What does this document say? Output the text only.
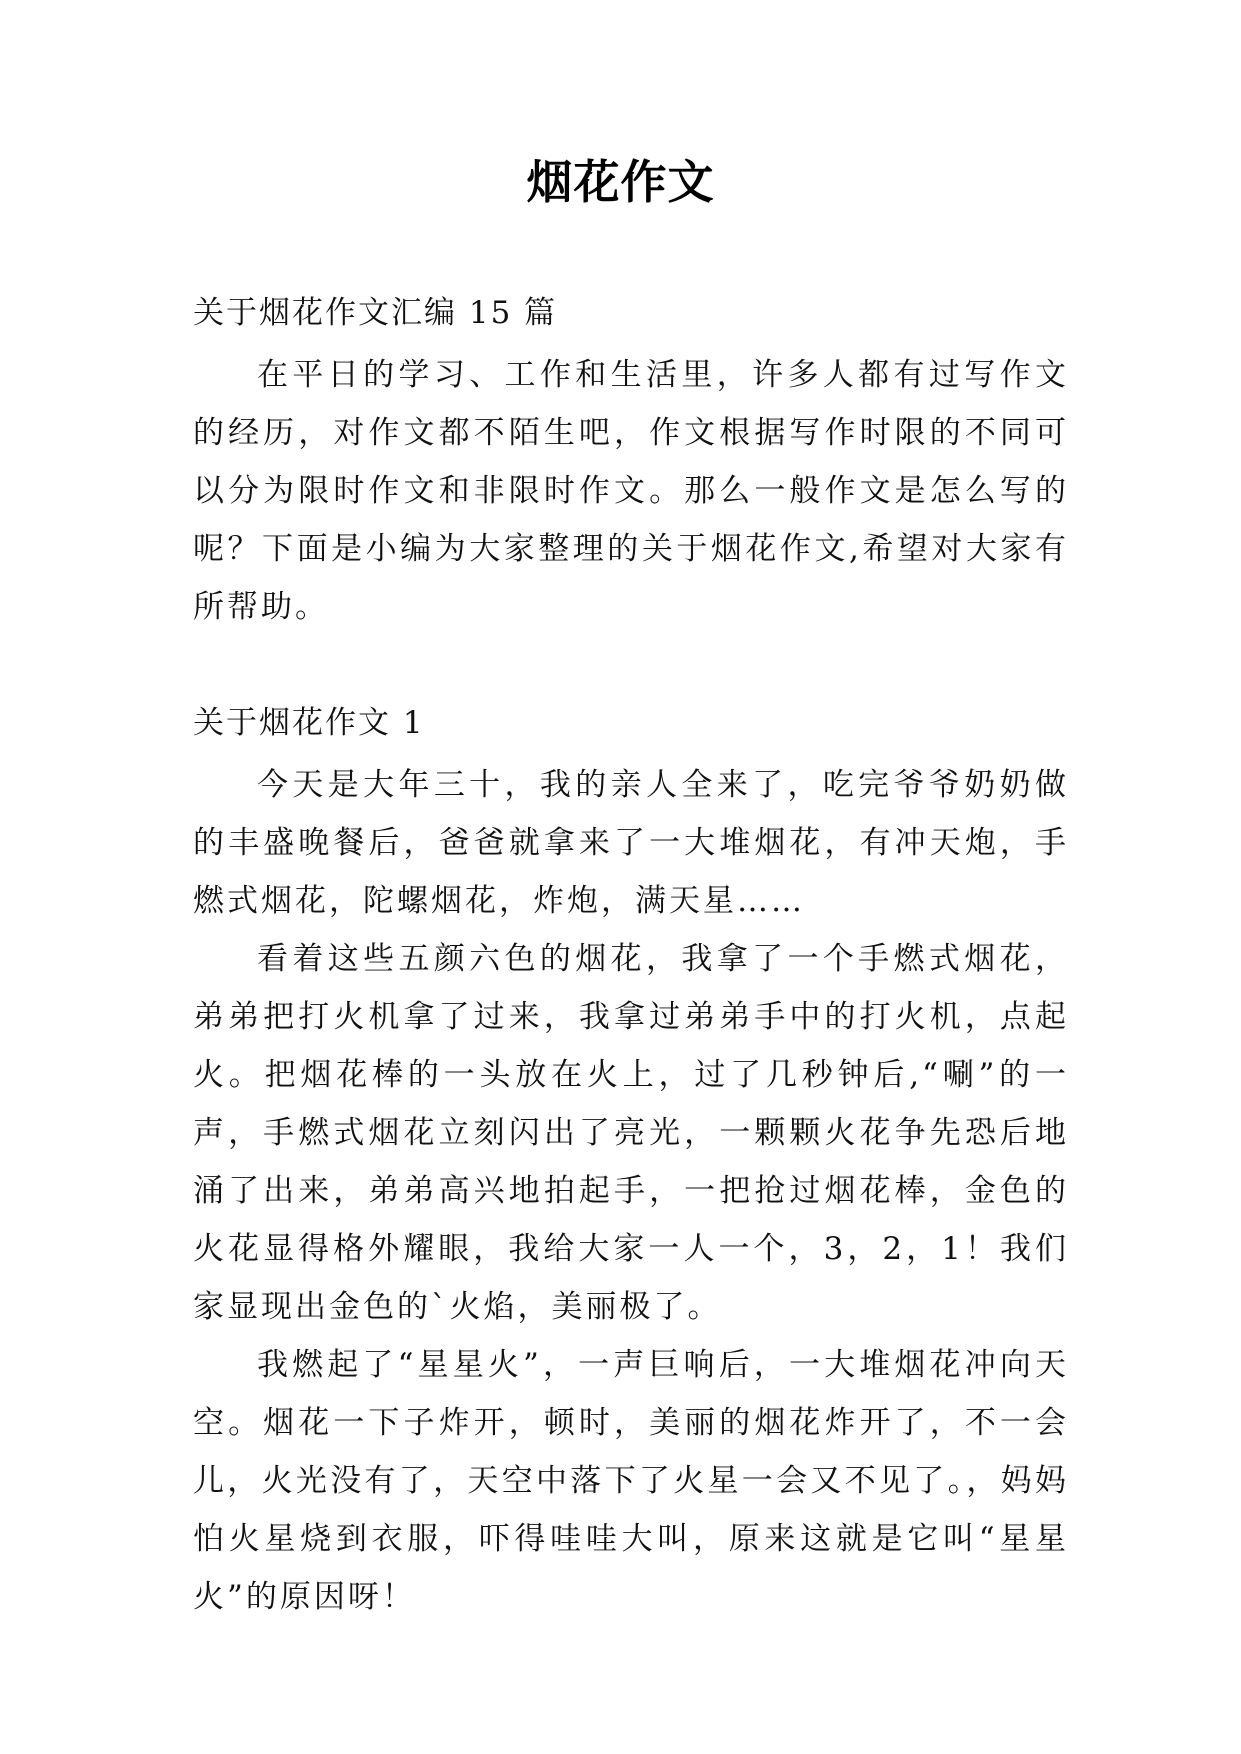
烟花作文

关于烟花作文汇编 15 篇

在平日的学习、工作和生活里，许多人都有过写作文的经历，对作文都不陌生吧，作文根据写作时限的不同可以分为限时作文和非限时作文。那么一般作文是怎么写的呢？下面是小编为大家整理的关于烟花作文,希望对大家有所帮助。

关于烟花作文 1

今天是大年三十，我的亲人全来了，吃完爷爷奶奶做的丰盛晚餐后，爸爸就拿来了一大堆烟花，有冲天炮，手燃式烟花，陀螺烟花，炸炮，满天星……

看着这些五颜六色的烟花，我拿了一个手燃式烟花，弟弟把打火机拿了过来，我拿过弟弟手中的打火机，点起火。把烟花棒的一头放在火上，过了几秒钟后,“唰”的一声，手燃式烟花立刻闪出了亮光，一颗颗火花争先恐后地涌了出来，弟弟高兴地拍起手，一把抢过烟花棒，金色的火花显得格外耀眼，我给大家一人一个，3，2，1！我们家显现出金色的`火焰，美丽极了。

我燃起了“星星火”，一声巨响后，一大堆烟花冲向天空。烟花一下子炸开，顿时，美丽的烟花炸开了，不一会儿，火光没有了，天空中落下了火星一会又不见了。，妈妈怕火星烧到衣服，吓得哇哇大叫，原来这就是它叫“星星火”的原因呀！
